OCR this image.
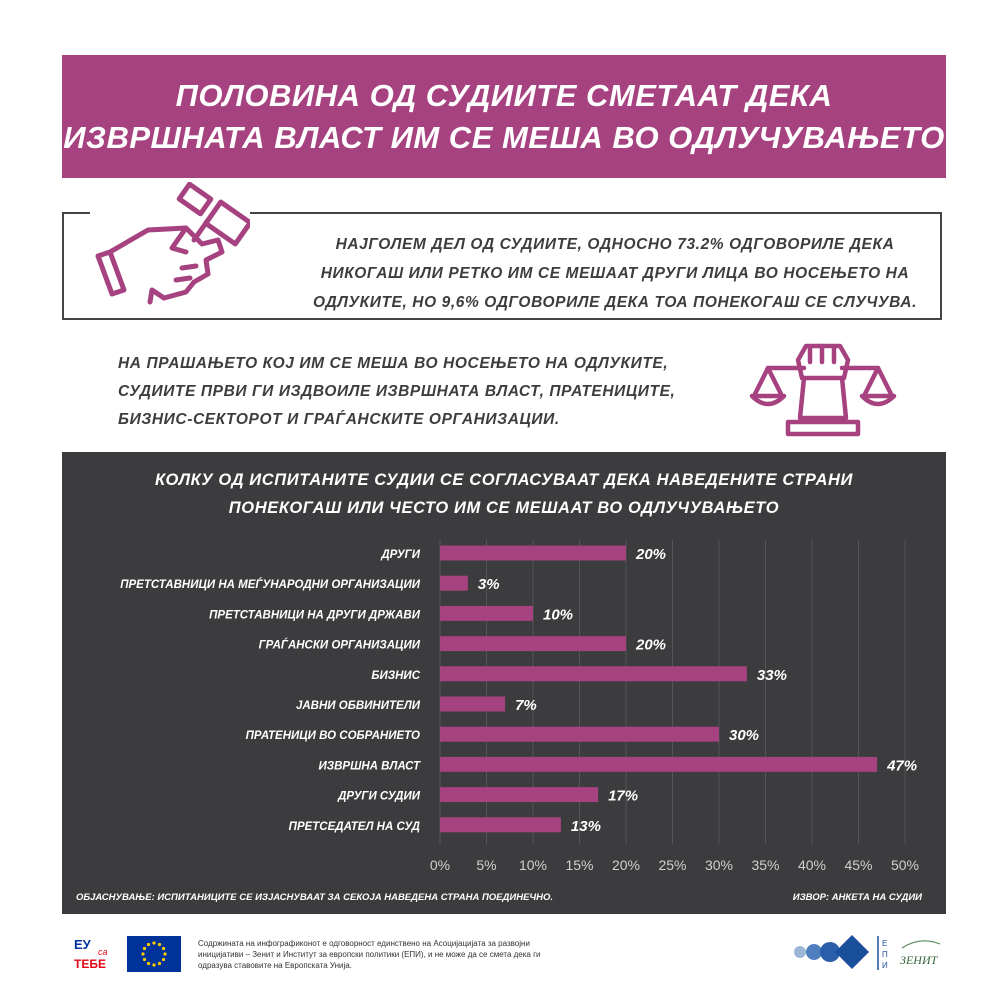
ПОЛОВИНА ОД СУДИИТЕ СМЕТААТ ДЕКА
ИЗВРШНАТА ВЛАСТ ИМ СЕ МЕША ВО ОДЛУЧУВАЊЕТО
НАЈГОЛЕМ ДЕЛ ОД СУДИИТЕ, ОДНОСНО 73.2% ОДГОВОРИЛЕ ДЕКА
НИКОГАШ ИЛИ РЕТКО ИМ СЕ МЕШААТ ДРУГИ ЛИЦА ВО НОСЕЊЕТО НА
ОДЛУКИТЕ, НО 9,6% ОДГОВОРИЛЕ ДЕКА ТОА ПОНЕКОГАШ СЕ СЛУЧУВА.
НА ПРАШАЊЕТО КОЈ ИМ СЕ МЕША ВО НОСЕЊЕТО НА ОДЛУКИТЕ,
СУДИИТЕ ПРВИ ГИ ИЗДВОИЛЕ ИЗВРШНАТА ВЛАСТ, ПРАТЕНИЦИТЕ,
БИЗНИС-СЕКТОРОТ И ГРАЃАНСКИТЕ ОРГАНИЗАЦИИ.
КОЛКУ ОД ИСПИТАНИТЕ СУДИИ СЕ СОГЛАСУВААТ ДЕКА НАВЕДЕНИТЕ СТРАНИ
ПОНЕКОГАШ ИЛИ ЧЕСТО ИМ СЕ МЕШААТ ВО ОДЛУЧУВАЊЕТО
0% 5% 10% 15% 20% 25% 30% 35% 40% 45% 50%
ДРУГИ	20%
ПРЕТСТАВНИЦИ НА МЕЃУНАРОДНИ ОРГАНИЗАЦИИ	3%
ПРЕТСТАВНИЦИ НА ДРУГИ ДРЖАВИ	10%
ГРАЃАНСКИ ОРГАНИЗАЦИИ	20%
БИЗНИС	33%
ЈАВНИ ОБВИНИТЕЛИ	7%
ПРАТЕНИЦИ ВО СОБРАНИЕТО	30%
ИЗВРШНА ВЛАСТ	47%
ДРУГИ СУДИИ	17%
ПРЕТСЕДАТЕЛ НА СУД	13%
ОБЈАСНУВАЊЕ: ИСПИТАНИЦИТЕ СЕ ИЗЈАСНУВААТ ЗА СЕКОЈА НАВЕДЕНА СТРАНА ПОЕДИНЕЧНО.	ИЗВОР: АНКЕТА НА СУДИИ
ЕУ са
ТЕБЕ
Содржината на инфографиконот е одговорност единствено на Асоцијацијата за развојни
иницијативи – Зенит и Институт за европски политики (ЕПИ), и не може да се смета дека ги
одразува ставовите на Европската Унија.
Е
П
И ЗЕНИТ
